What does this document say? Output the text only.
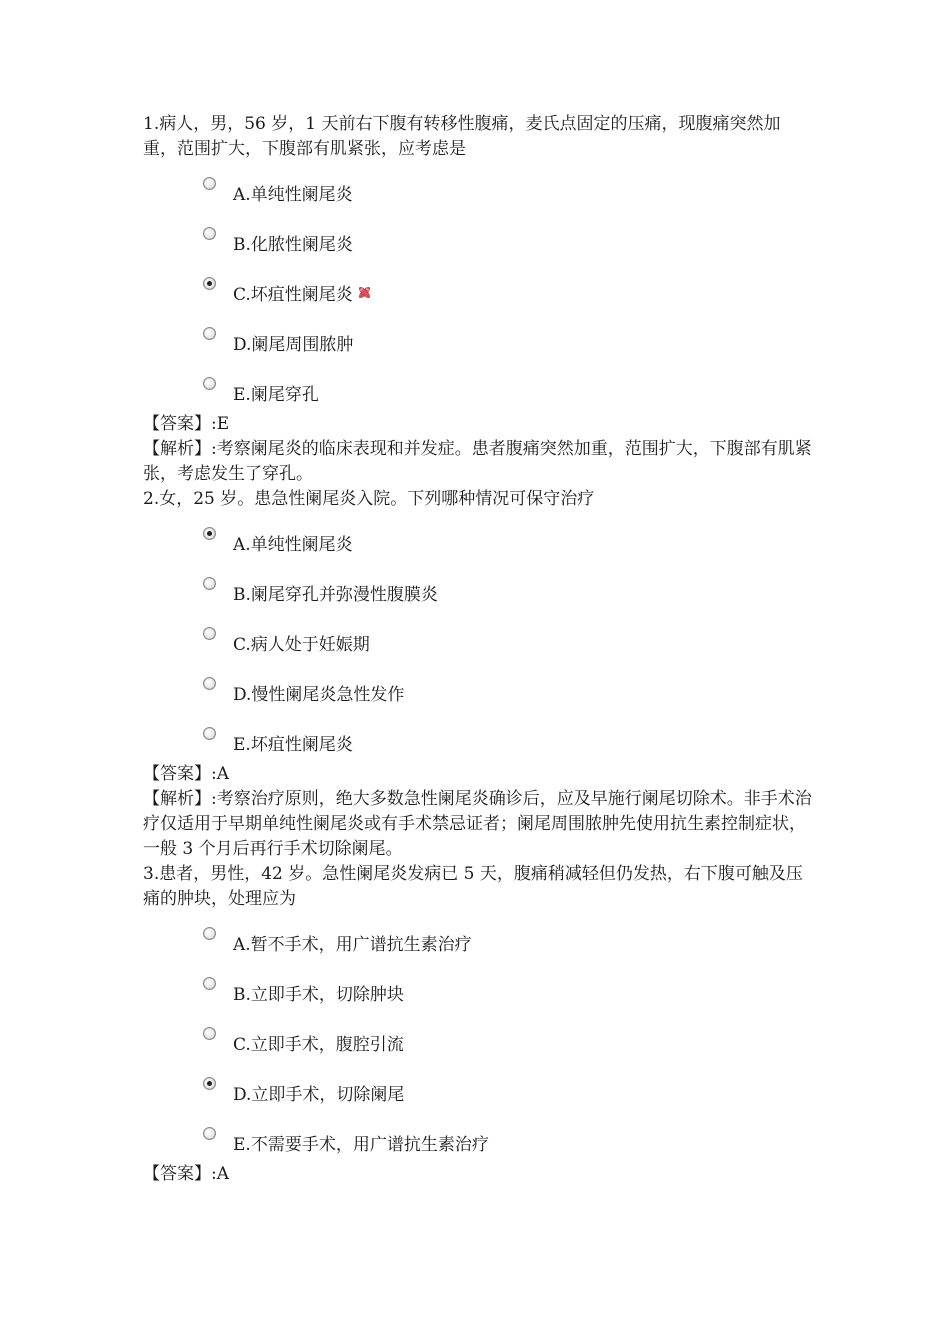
1.病人，男，56 岁，1 天前右下腹有转移性腹痛，麦氏点固定的压痛，现腹痛突然加重，范围扩大，下腹部有肌紧张，应考虑是

A.单纯性阑尾炎
B.化脓性阑尾炎
C.坏疽性阑尾炎
D.阑尾周围脓肿
E.阑尾穿孔

【答案】:E

【解析】:考察阑尾炎的临床表现和并发症。患者腹痛突然加重，范围扩大，下腹部有肌紧张，考虑发生了穿孔。

2.女，25 岁。患急性阑尾炎入院。下列哪种情况可保守治疗

A.单纯性阑尾炎
B.阑尾穿孔并弥漫性腹膜炎
C.病人处于妊娠期
D.慢性阑尾炎急性发作
E.坏疽性阑尾炎

【答案】:A

【解析】:考察治疗原则，绝大多数急性阑尾炎确诊后，应及早施行阑尾切除术。非手术治疗仅适用于早期单纯性阑尾炎或有手术禁忌证者；阑尾周围脓肿先使用抗生素控制症状，一般 3 个月后再行手术切除阑尾。

3.患者，男性，42 岁。急性阑尾炎发病已 5 天，腹痛稍减轻但仍发热，右下腹可触及压痛的肿块，处理应为

A.暂不手术，用广谱抗生素治疗
B.立即手术，切除肿块
C.立即手术，腹腔引流
D.立即手术，切除阑尾
E.不需要手术，用广谱抗生素治疗

【答案】:A
